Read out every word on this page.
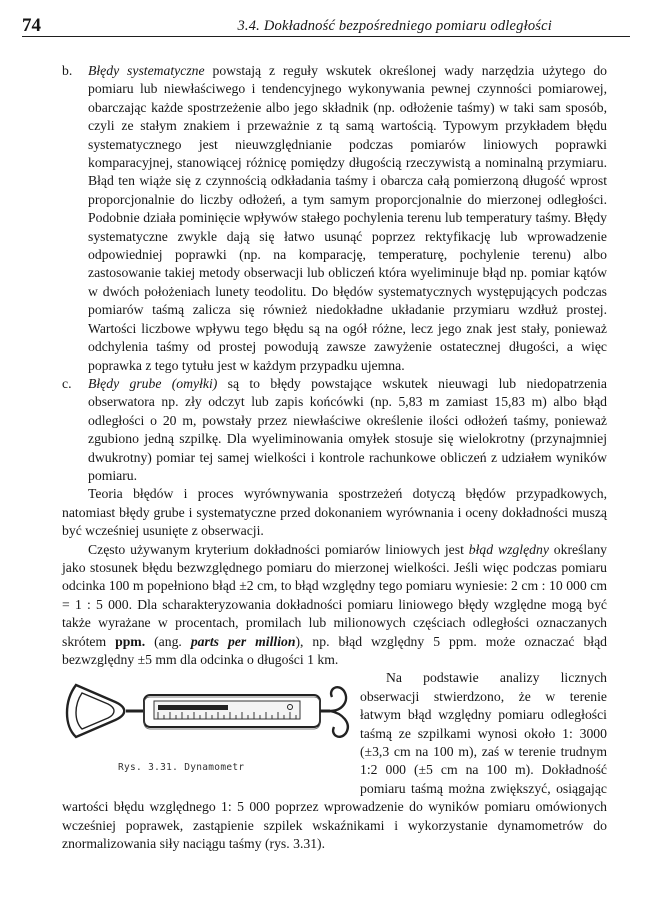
74	3.4. Dokładność bezpośredniego pomiaru odległości

b. Błędy systematyczne powstają z reguły wskutek określonej wady narzędzia użytego do pomiaru lub niewłaściwego i tendencyjnego wykonywania pewnej czynności pomiarowej, obarczając każde spostrzeżenie albo jego składnik (np. odłożenie taśmy) w taki sam sposób, czyli ze stałym znakiem i przeważnie z tą samą wartością. Typowym przykładem błędu systematycznego jest nieuwzględnianie podczas pomiarów liniowych poprawki komparacyjnej, stanowiącej różnicę pomiędzy długością rzeczywistą a nominalną przymiaru. Błąd ten wiąże się z czynnością odkładania taśmy i obarcza całą pomierzoną długość wprost proporcjonalnie do liczby odłożeń, a tym samym proporcjonalnie do mierzonej odległości. Podobnie działa pominięcie wpływów stałego pochylenia terenu lub temperatury taśmy. Błędy systematyczne zwykle dają się łatwo usunąć poprzez rektyfikację lub wprowadzenie odpowiedniej poprawki (np. na komparację, temperaturę, pochylenie terenu) albo zastosowanie takiej metody obserwacji lub obliczeń która wyeliminuje błąd np. pomiar kątów w dwóch położeniach lunety teodolitu. Do błędów systematycznych występujących podczas pomiarów taśmą zalicza się również niedokładne układanie przymiaru wzdłuż prostej. Wartości liczbowe wpływu tego błędu są na ogół różne, lecz jego znak jest stały, ponieważ odchylenia taśmy od prostej powodują zawsze zawyżenie ostatecznej długości, a więc poprawka z tego tytułu jest w każdym przypadku ujemna.

c. Błędy grube (omyłki) są to błędy powstające wskutek nieuwagi lub niedopatrzenia obserwatora np. zły odczyt lub zapis końcówki (np. 5,83 m zamiast 15,83 m) albo błąd odległości o 20 m, powstały przez niewłaściwe określenie ilości odłożeń taśmy, ponieważ zgubiono jedną szpilkę. Dla wyeliminowania omyłek stosuje się wielokrotny (przynajmniej dwukrotny) pomiar tej samej wielkości i kontrole rachunkowe obliczeń z udziałem wyników pomiaru.

Teoria błędów i proces wyrównywania spostrzeżeń dotyczą błędów przypadkowych, natomiast błędy grube i systematyczne przed dokonaniem wyrównania i oceny dokładności muszą być wcześniej usunięte z obserwacji.

Często używanym kryterium dokładności pomiarów liniowych jest błąd względny określany jako stosunek błędu bezwzględnego pomiaru do mierzonej wielkości. Jeśli więc podczas pomiaru odcinka 100 m popełniono błąd ±2 cm, to błąd względny tego pomiaru wyniesie: 2 cm : 10 000 cm = 1 : 5 000. Dla scharakteryzowania dokładności pomiaru liniowego błędy względne mogą być także wyrażane w procentach, promilach lub milionowych częściach odległości oznaczanych skrótem ppm. (ang. parts per million), np. błąd względny 5 ppm. może oznaczać błąd bezwzględny ±5 mm dla odcinka o długości 1 km.

Rys. 3.31. Dynamometr
Na podstawie analizy licznych obserwacji stwierdzono, że w terenie łatwym błąd względny pomiaru odległości taśmą ze szpilkami wynosi około 1: 3000 (±3,3 cm na 100 m), zaś w terenie trudnym 1:2 000 (±5 cm na 100 m). Dokładność pomiaru taśmą można zwiększyć, osiągając wartości błędu względnego 1: 5 000 poprzez wprowadzenie do wyników pomiaru omówionych wcześniej poprawek, zastąpienie szpilek wskaźnikami i wykorzystanie dynamometrów do znormalizowania siły naciągu taśmy (rys. 3.31).
